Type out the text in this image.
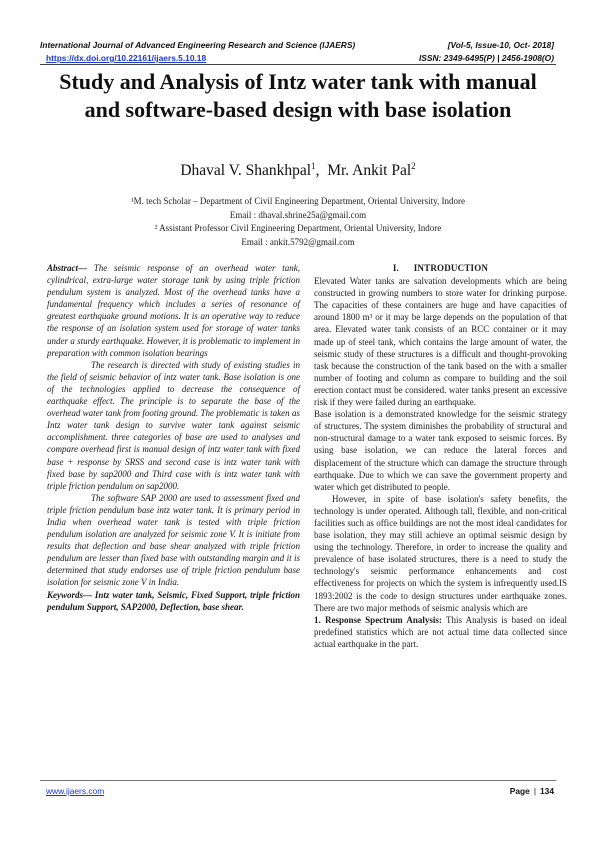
International Journal of Advanced Engineering Research and Science (IJAERS)	[Vol-5, Issue-10, Oct- 2018]
https://dx.doi.org/10.22161/ijaers.5.10.18	ISSN: 2349-6495(P) | 2456-1908(O)
Study and Analysis of Intz water tank with manual and software-based design with base isolation
Dhaval V. Shankhpal$^1$,  Mr. Ankit Pal$^2$
¹M. tech Scholar – Department of Civil Engineering Department, Oriental University, Indore
Email : dhaval.shrine25a@gmail.com
² Assistant Professor Civil Engineering Department, Oriental University, Indore
Email : ankit.5792@gmail.com

Abstract— The seismic response of an overhead water tank, cylindrical, extra-large water storage tank by using triple friction pendulum system is analyzed. Most of the overhead tanks have a fundamental frequency which includes a series of resonance of greatest earthquake ground motions. It is an operative way to reduce the response of an isolation system used for storage of water tanks under a sturdy earthquake. However, it is problematic to implement in preparation with common isolation bearings

The research is directed with study of existing studies in the field of seismic behavior of intz water tank. Base isolation is one of the technologies applied to decrease the consequence of earthquake effect. The principle is to separate the base of the overhead water tank from footing ground. The problematic is taken as Intz water tank design to survive water tank against seismic accomplishment. three categories of base are used to analyses and compare overhead first is manual design of intz water tank with fixed base + response by SRSS and second case is intz water tank with fixed base by sap2000 and Third case with is intz water tank with triple friction pendulum on sap2000.

The software SAP 2000 are used to assessment fixed and triple friction pendulum base intz water tank. It is primary period in India when overhead water tank is tested with triple friction pendulum isolation are analyzed for seismic zone V. It is initiate from results that deflection and base shear analyzed with triple friction pendulum are lesser than fixed base with outstanding margin and it is determined that study endorses use of triple friction pendulum base isolation for seismic zone V in India.

Keywords— Intz water tank, Seismic, Fixed Support, triple friction pendulum Support, SAP2000, Deflection, base shear.

I.      INTRODUCTION

Elevated Water tanks are salvation developments which are being constructed in growing numbers to store water for drinking purpose. The capacities of these containers are huge and have capacities of around 1800 m³ or it may be large depends on the population of that area. Elevated water tank consists of an RCC container or it may made up of steel tank, which contains the large amount of water, the seismic study of these structures is a difficult and thought-provoking task because the construction of the tank based on the with a smaller number of footing and column as compare to building and the soil erection contact must be considered. water tanks present an excessive risk if they were failed during an earthquake.

Base isolation is a demonstrated knowledge for the seismic strategy of structures. The system diminishes the probability of structural and non-structural damage to a water tank exposed to seismic forces. By using base isolation, we can reduce the lateral forces and displacement of the structure which can damage the structure through earthquake. Due to which we can save the government property and water which get distributed to people.

However, in spite of base isolation's safety benefits, the technology is under operated. Although tall, flexible, and non-critical facilities such as office buildings are not the most ideal candidates for base isolation, they may still achieve an optimal seismic design by using the technology. Therefore, in order to increase the quality and prevalence of base isolated structures, there is a need to study the technology's seismic performance enhancements and cost effectiveness for projects on which the system is infrequently used.IS 1893:2002 is the code to design structures under earthquake zones. There are two major methods of seismic analysis which are

1. Response Spectrum Analysis: This Analysis is based on ideal predefined statistics which are not actual time data collected since actual earthquake in the part.

www.ijaers.com	Page | 134
